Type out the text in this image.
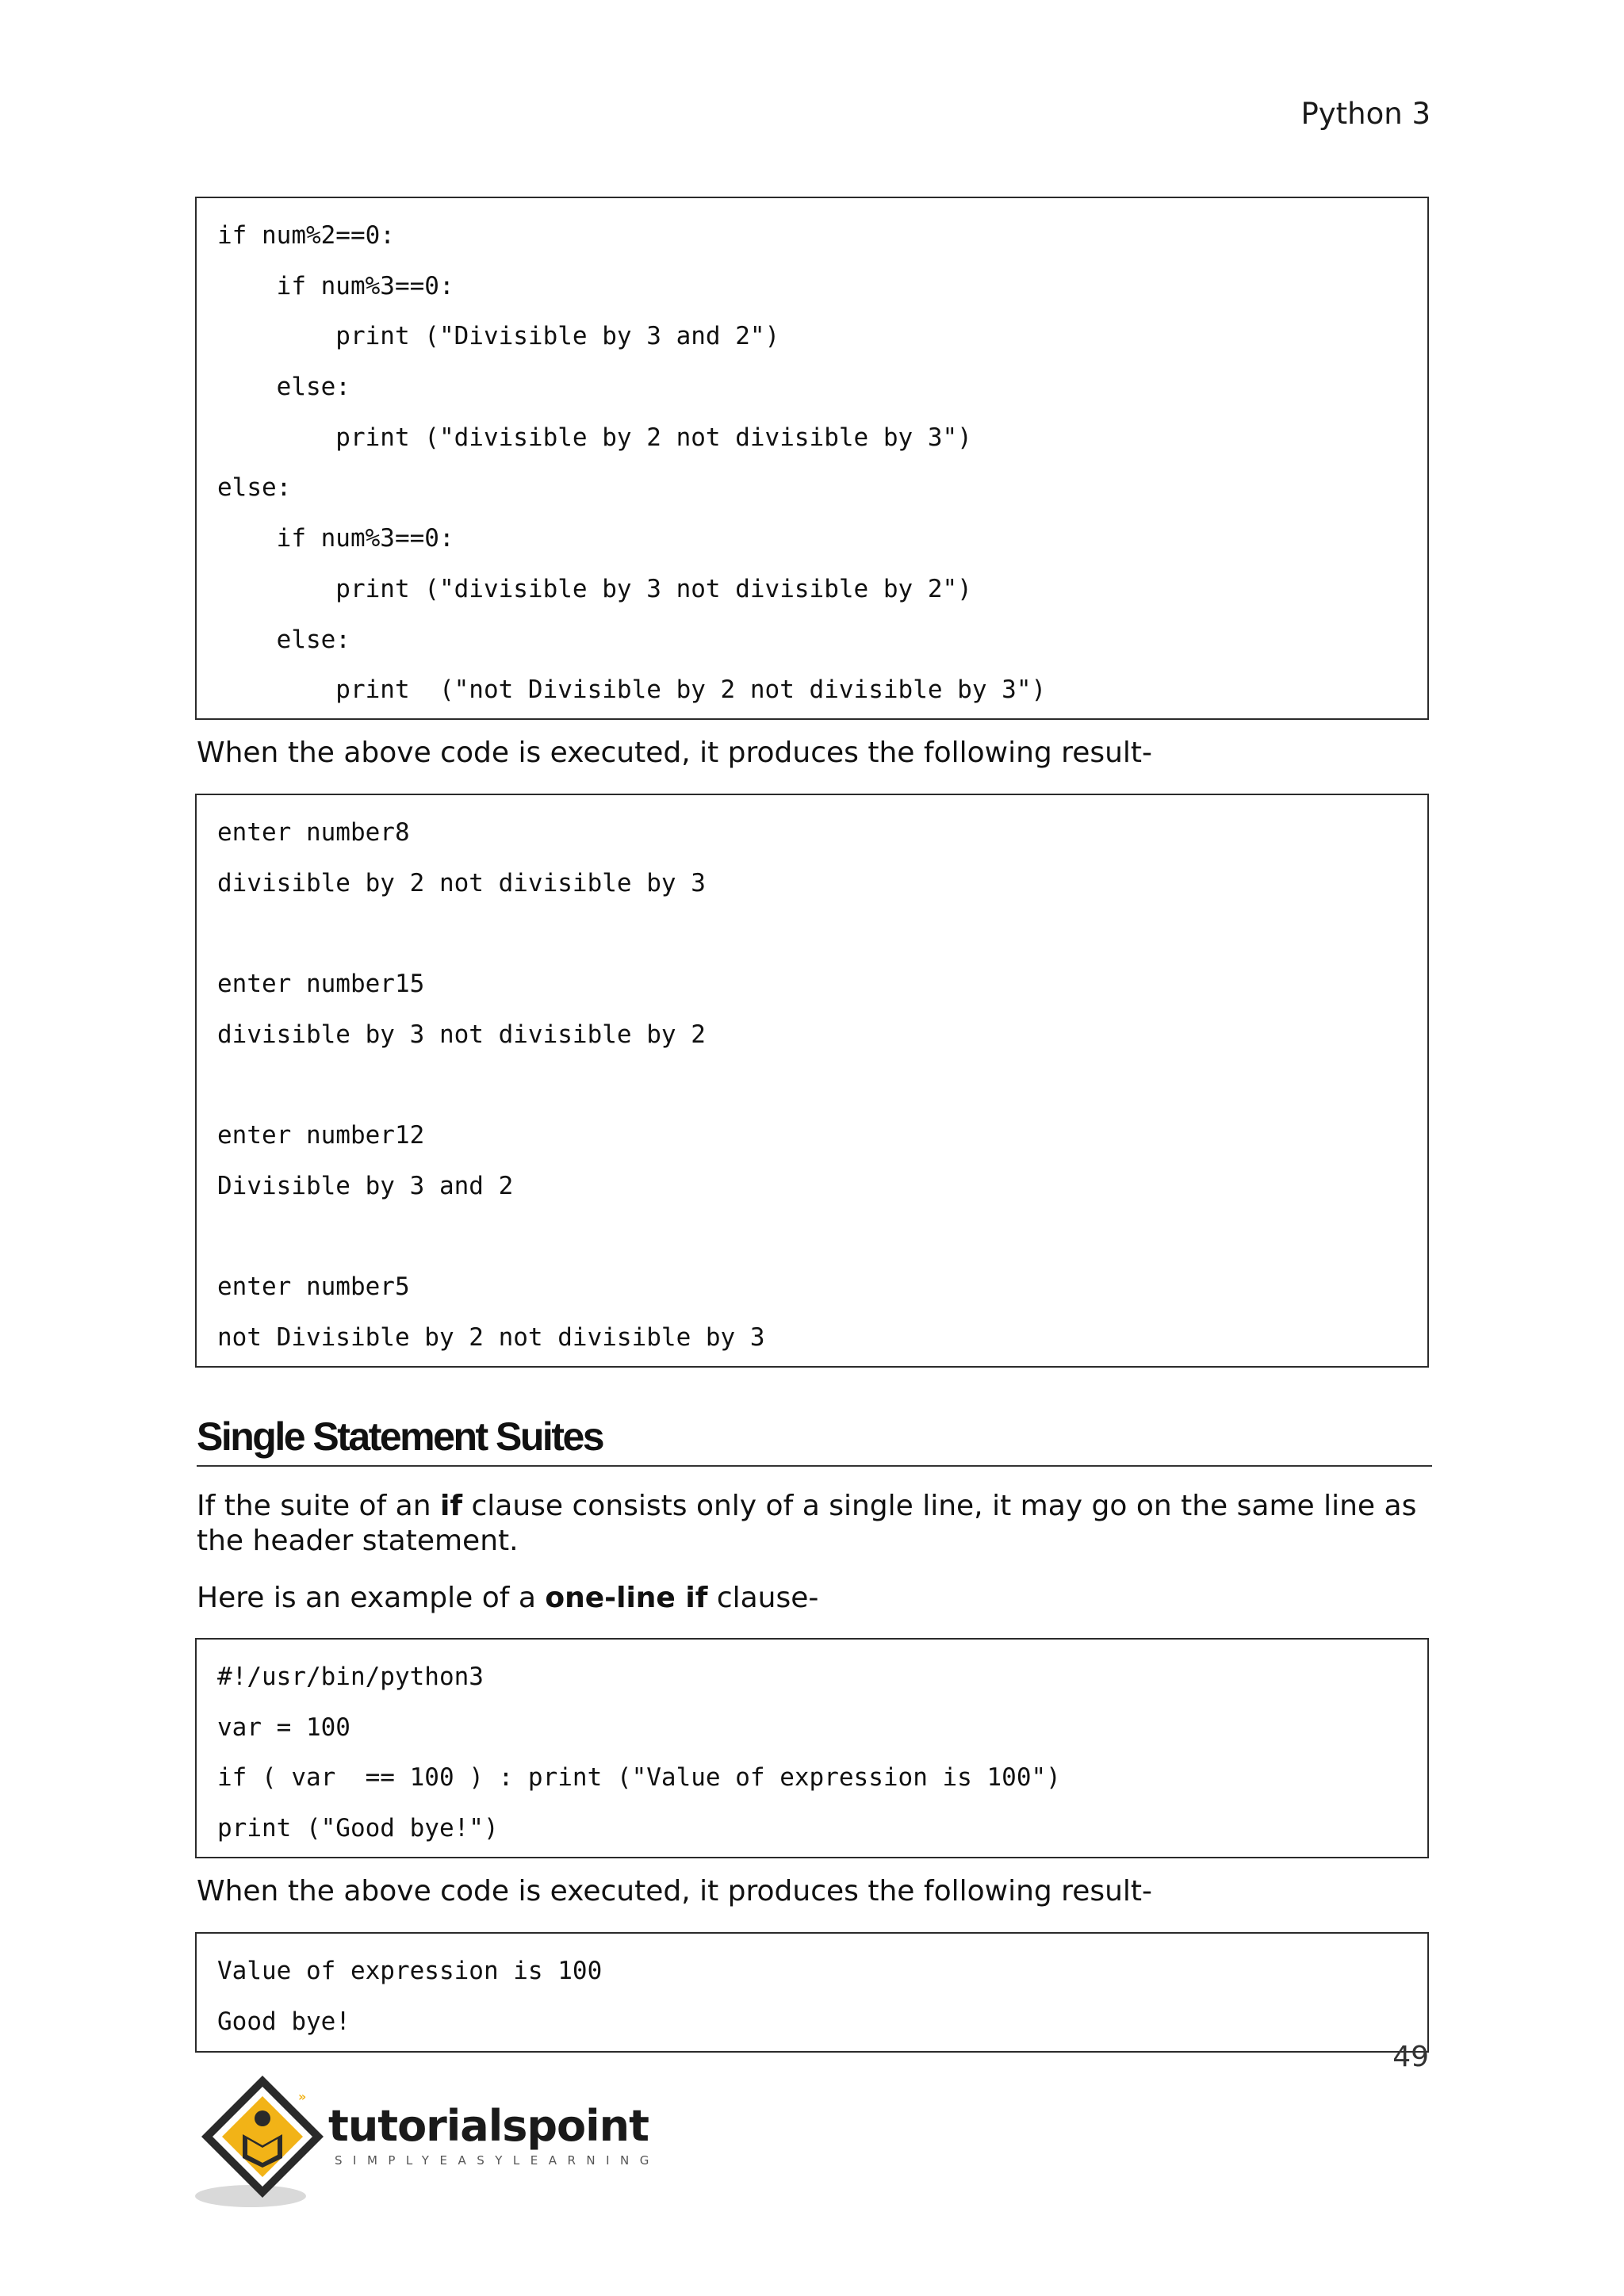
Python 3
if num%2==0:
if num%3==0:
print ("Divisible by 3 and 2")
else:
print ("divisible by 2 not divisible by 3")
else:
if num%3==0:
print ("divisible by 3 not divisible by 2")
else:
print  ("not Divisible by 2 not divisible by 3")
When the above code is executed, it produces the following result-
enter number8
divisible by 2 not divisible by 3
enter number15
divisible by 3 not divisible by 2
enter number12
Divisible by 3 and 2
enter number5
not Divisible by 2 not divisible by 3
Single Statement Suites
If the suite of an if clause consists only of a single line, it may go on the same line as the header statement.
Here is an example of a one-line if clause-
#!/usr/bin/python3
var = 100
if ( var  == 100 ) : print ("Value of expression is 100")
print ("Good bye!")
When the above code is executed, it produces the following result-
Value of expression is 100
Good bye!
49
»
tutorialspoint
SIMPLYEASYLEARNING
